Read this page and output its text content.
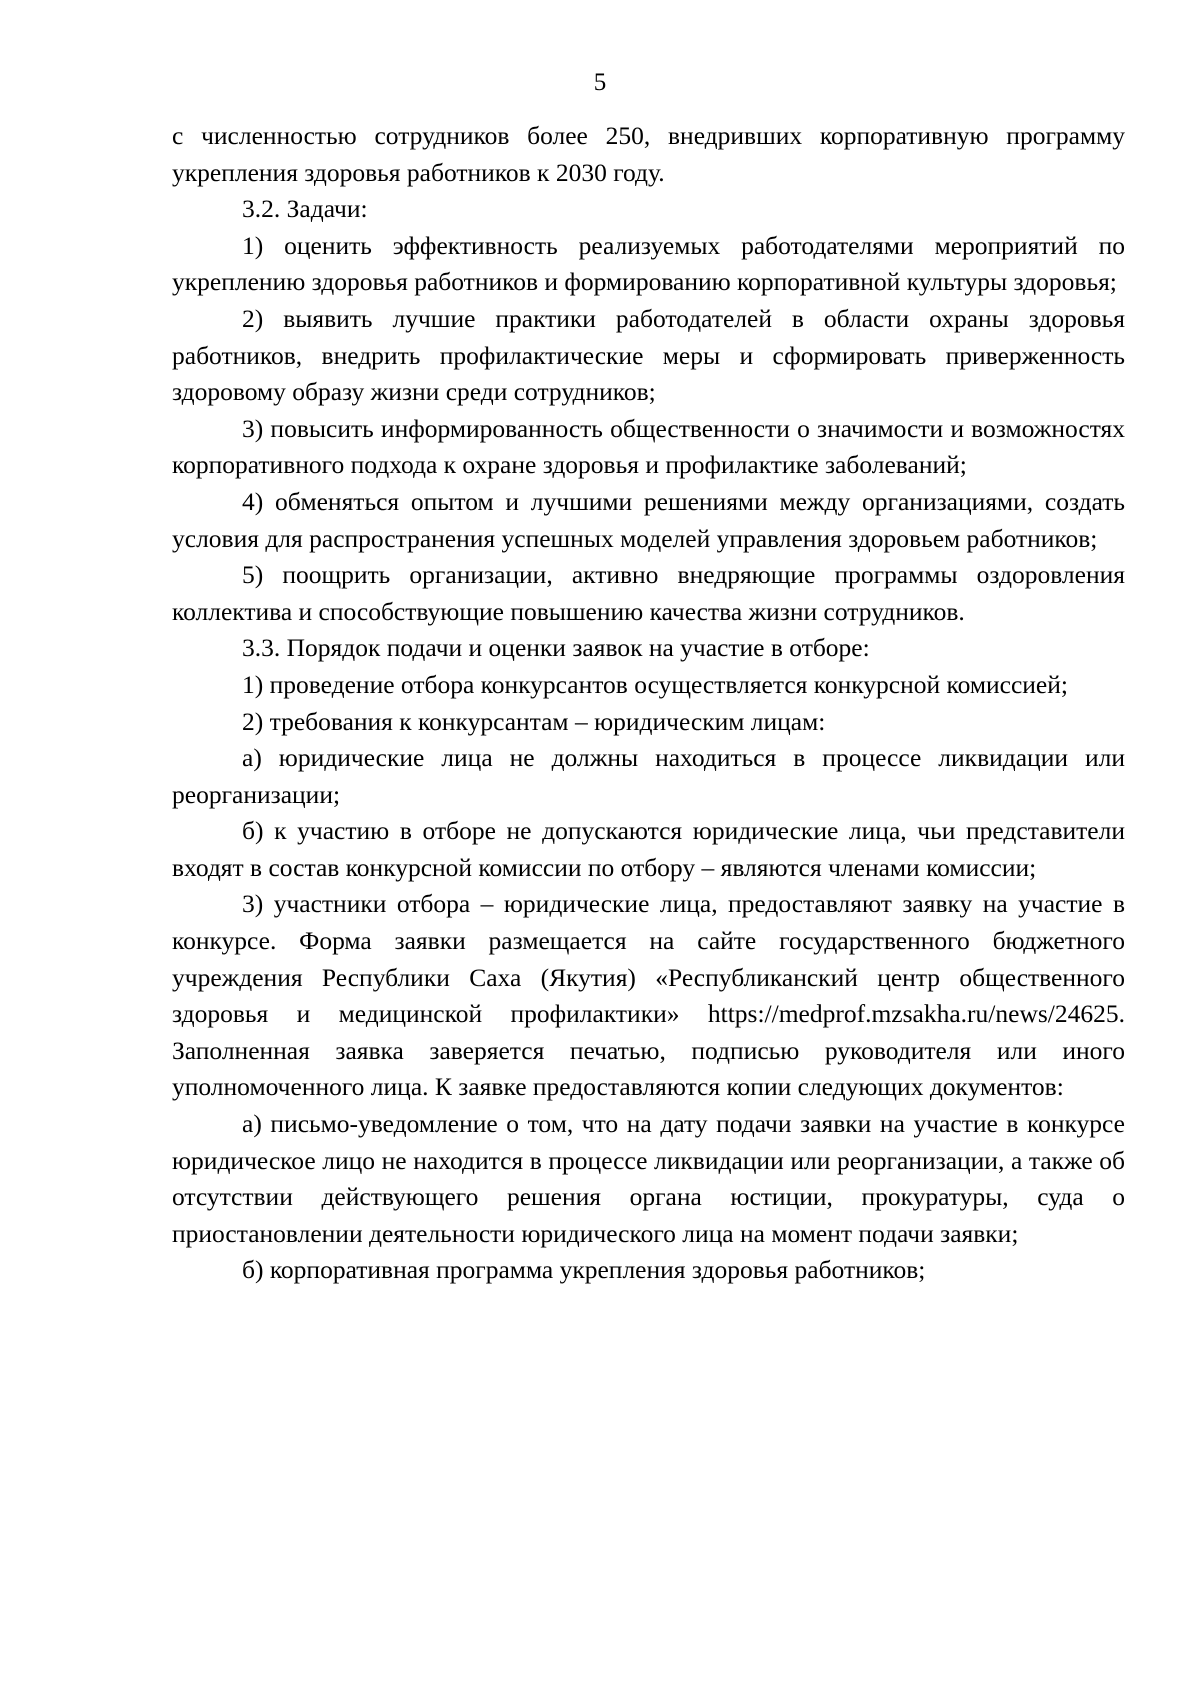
5

с численностью сотрудников более 250, внедривших корпоративную программу укрепления здоровья работников к 2030 году.

3.2. Задачи:

1) оценить эффективность реализуемых работодателями мероприятий по укреплению здоровья работников и формированию корпоративной культуры здоровья;

2) выявить лучшие практики работодателей в области охраны здоровья работников, внедрить профилактические меры и сформировать приверженность здоровому образу жизни среди сотрудников;

3) повысить информированность общественности о значимости и возможностях корпоративного подхода к охране здоровья и профилактике заболеваний;

4) обменяться опытом и лучшими решениями между организациями, создать условия для распространения успешных моделей управления здоровьем работников;

5) поощрить организации, активно внедряющие программы оздоровления коллектива и способствующие повышению качества жизни сотрудников.

3.3. Порядок подачи и оценки заявок на участие в отборе:

1) проведение отбора конкурсантов осуществляется конкурсной комиссией;

2) требования к конкурсантам – юридическим лицам:

а) юридические лица не должны находиться в процессе ликвидации или реорганизации;

б) к участию в отборе не допускаются юридические лица, чьи представители входят в состав конкурсной комиссии по отбору – являются членами комиссии;

3) участники отбора – юридические лица, предоставляют заявку на участие в конкурсе. Форма заявки размещается на сайте государственного бюджетного учреждения Республики Саха (Якутия) «Республиканский центр общественного здоровья и медицинской профилактики» https://medprof.mzsakha.ru/news/24625. Заполненная заявка заверяется печатью, подписью руководителя или иного уполномоченного лица. К заявке предоставляются копии следующих документов:

а) письмо-уведомление о том, что на дату подачи заявки на участие в конкурсе юридическое лицо не находится в процессе ликвидации или реорганизации, а также об отсутствии действующего решения органа юстиции, прокуратуры, суда о приостановлении деятельности юридического лица на момент подачи заявки;

б) корпоративная программа укрепления здоровья работников;
